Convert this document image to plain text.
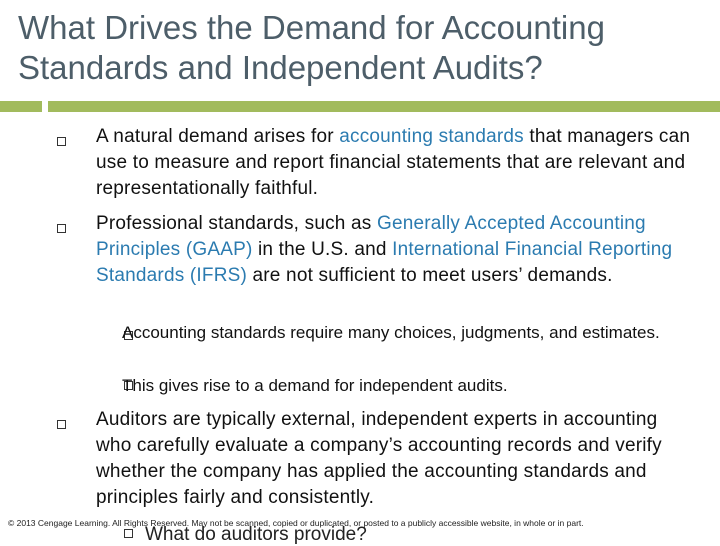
What Drives the Demand for Accounting
Standards and Independent Audits?
A natural demand arises for accounting standards that managers can use to measure and report financial statements that are relevant and representationally faithful.
Professional standards, such as Generally Accepted Accounting Principles (GAAP) in the U.S. and International Financial Reporting Standards (IFRS) are not sufficient to meet users’ demands.
Accounting standards require many choices, judgments, and estimates.
This gives rise to a demand for independent audits.
Auditors are typically external, independent experts in accounting who carefully evaluate a company’s accounting records and verify whether the company has applied the accounting standards and principles fairly and consistently.
© 2013 Cengage Learning. All Rights Reserved. May not be scanned, copied or duplicated, or posted to a publicly accessible website, in whole or in part.
What do auditors provide?
